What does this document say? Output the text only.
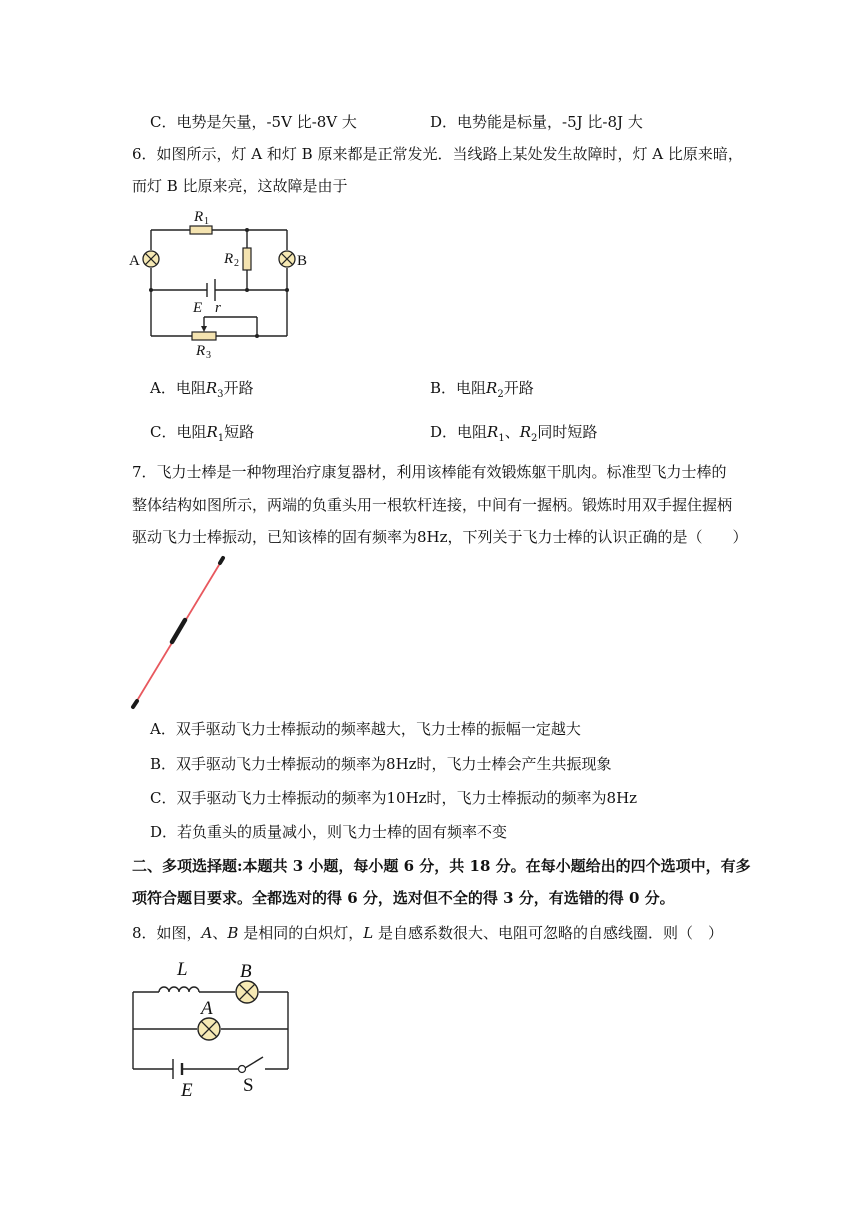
C．电势是矢量，-5V 比-8V 大	D．电势能是标量，-5J 比-8J 大
6．如图所示，灯 A 和灯 B 原来都是正常发光．当线路上某处发生故障时，灯 A 比原来暗，
而灯 B 比原来亮，这故障是由于
A	B
R 1
R 2
R 3
E r
A．电阻$R_3$开路	B．电阻$R_2$开路
C．电阻$R_1$短路	D．电阻$R_1$、$R_2$同时短路
7．飞力士棒是一种物理治疗康复器材，利用该棒能有效锻炼躯干肌肉。标准型飞力士棒的
整体结构如图所示，两端的负重头用一根软杆连接，中间有一握柄。锻炼时用双手握住握柄
驱动飞力士棒振动，已知该棒的固有频率为8Hz，下列关于飞力士棒的认识正确的是（　　）
A．双手驱动飞力士棒振动的频率越大，飞力士棒的振幅一定越大
B．双手驱动飞力士棒振动的频率为8Hz时，飞力士棒会产生共振现象
C．双手驱动飞力士棒振动的频率为10Hz时，飞力士棒振动的频率为8Hz
D．若负重头的质量减小，则飞力士棒的固有频率不变
二、多项选择题:本题共 3 小题，每小题 6 分，共 18 分。在每小题给出的四个选项中，有多
项符合题目要求。全都选对的得 6 分，选对但不全的得 3 分，有选错的得 0 分。
8．如图，A、B 是相同的白炽灯，L 是自感系数很大、电阻可忽略的自感线圈．则（　）
L	B
A
E	S
